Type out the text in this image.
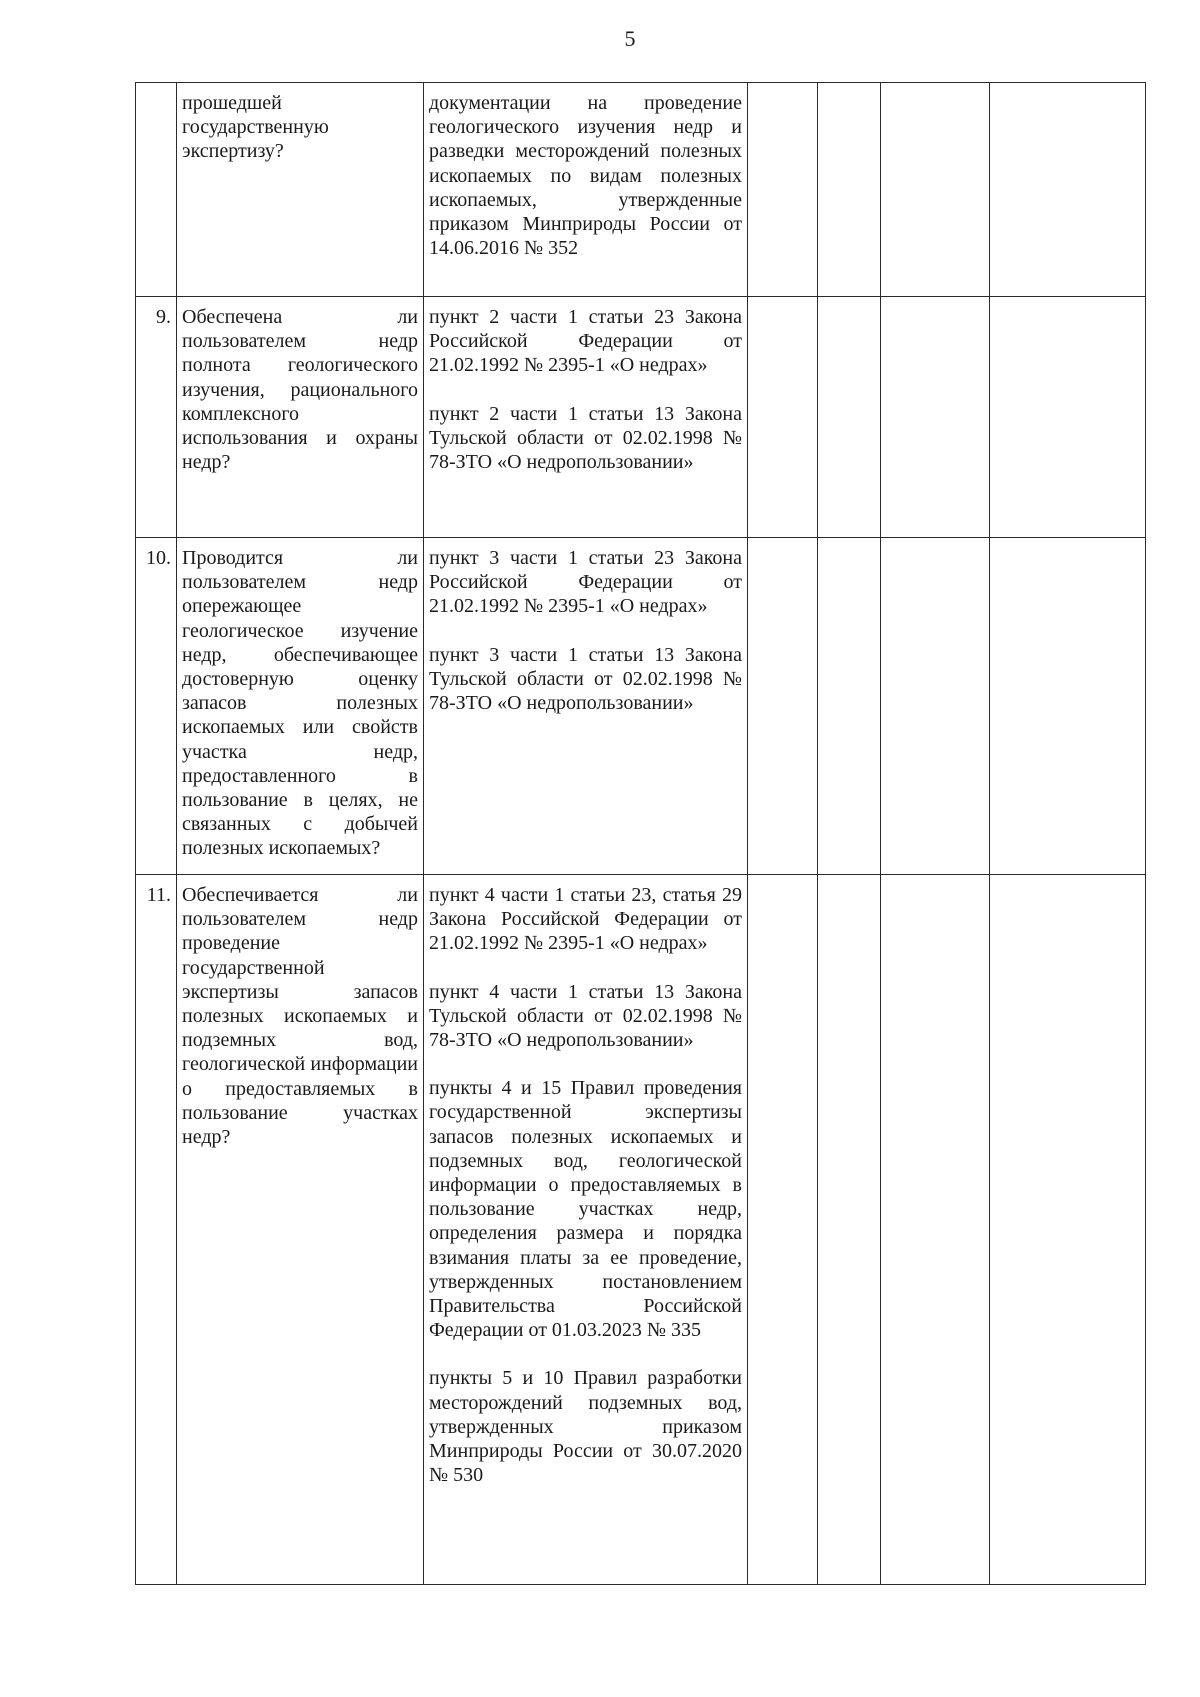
5

	прошедшей государственную экспертизу?	документации на проведение геологического изучения недр и разведки месторождений полезных ископаемых по видам полезных ископаемых, утвержденные приказом Минприроды России от 14.06.2016 № 352				

9.	Обеспечена ли пользователем недр полнота геологического изучения, рационального комплексного использования и охраны недр?	пункт 2 части 1 статьи 23 Закона Российской Федерации от 21.02.1992 № 2395-1 «О недрах»

пункт 2 части 1 статьи 13 Закона Тульской области от 02.02.1998 № 78-ЗТО «О недропользовании»				

10.	Проводится ли пользователем недр опережающее геологическое изучение недр, обеспечивающее достоверную оценку запасов полезных ископаемых или свойств участка недр, предоставленного в пользование в целях, не связанных с добычей полезных ископаемых?	пункт 3 части 1 статьи 23 Закона Российской Федерации от 21.02.1992 № 2395-1 «О недрах»

пункт 3 части 1 статьи 13 Закона Тульской области от 02.02.1998 № 78-ЗТО «О недропользовании»				

11.	Обеспечивается ли пользователем недр проведение государственной экспертизы запасов полезных ископаемых и подземных вод, геологической информации о предоставляемых в пользование участках недр?	пункт 4 части 1 статьи 23, статья 29 Закона Российской Федерации от 21.02.1992 № 2395-1 «О недрах»

пункт 4 части 1 статьи 13 Закона Тульской области от 02.02.1998 № 78-ЗТО «О недропользовании»

пункты 4 и 15 Правил проведения государственной экспертизы запасов полезных ископаемых и подземных вод, геологической информации о предоставляемых в пользование участках недр, определения размера и порядка взимания платы за ее проведение, утвержденных постановлением Правительства Российской Федерации от 01.03.2023 № 335

пункты 5 и 10 Правил разработки месторождений подземных вод, утвержденных приказом Минприроды России от 30.07.2020 № 530				
